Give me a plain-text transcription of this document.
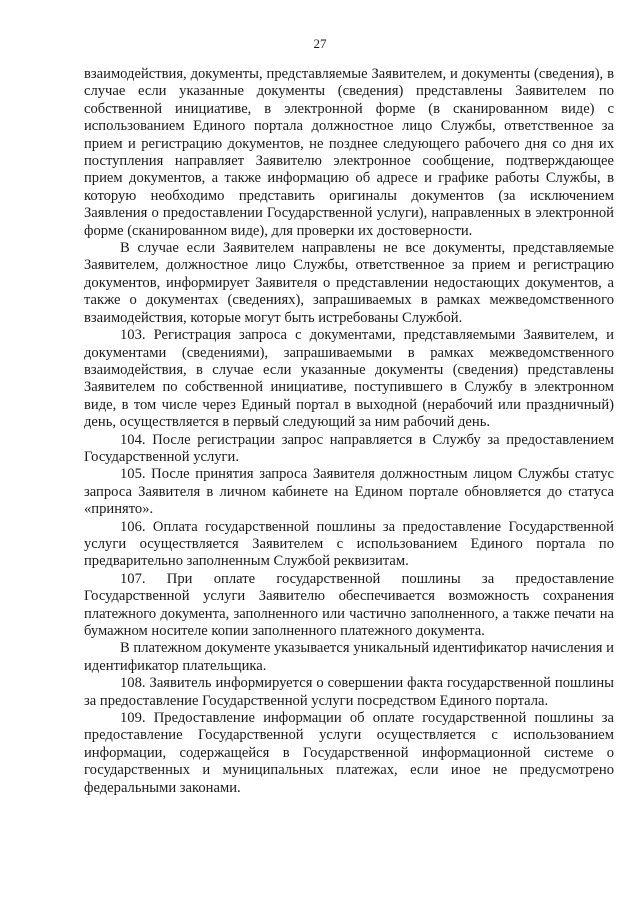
27

взаимодействия, документы, представляемые Заявителем, и документы (сведения), в случае если указанные документы (сведения) представлены Заявителем по собственной инициативе, в электронной форме (в сканированном виде) с использованием Единого портала должностное лицо Службы, ответственное за прием и регистрацию документов, не позднее следующего рабочего дня со дня их поступления направляет Заявителю электронное сообщение, подтверждающее прием документов, а также информацию об адресе и графике работы Службы, в которую необходимо представить оригиналы документов (за исключением Заявления о предоставлении Государственной услуги), направленных в электронной форме (сканированном виде), для проверки их достоверности.

В случае если Заявителем направлены не все документы, представляемые Заявителем, должностное лицо Службы, ответственное за прием и регистрацию документов, информирует Заявителя о представлении недостающих документов, а также о документах (сведениях), запрашиваемых в рамках межведомственного взаимодействия, которые могут быть истребованы Службой.

103. Регистрация запроса с документами, представляемыми Заявителем, и документами (сведениями), запрашиваемыми в рамках межведомственного взаимодействия, в случае если указанные документы (сведения) представлены Заявителем по собственной инициативе, поступившего в Службу в электронном виде, в том числе через Единый портал в выходной (нерабочий или праздничный) день, осуществляется в первый следующий за ним рабочий день.

104. После регистрации запрос направляется в Службу за предоставлением Государственной услуги.

105. После принятия запроса Заявителя должностным лицом Службы статус запроса Заявителя в личном кабинете на Едином портале обновляется до статуса «принято».

106. Оплата государственной пошлины за предоставление Государственной услуги осуществляется Заявителем с использованием Единого портала по предварительно заполненным Службой реквизитам.

107. При оплате государственной пошлины за предоставление Государственной услуги Заявителю обеспечивается возможность сохранения платежного документа, заполненного или частично заполненного, а также печати на бумажном носителе копии заполненного платежного документа.

В платежном документе указывается уникальный идентификатор начисления и идентификатор плательщика.

108. Заявитель информируется о совершении факта государственной пошлины за предоставление Государственной услуги посредством Единого портала.

109. Предоставление информации об оплате государственной пошлины за предоставление Государственной услуги осуществляется с использованием информации, содержащейся в Государственной информационной системе о государственных и муниципальных платежах, если иное не предусмотрено федеральными законами.
